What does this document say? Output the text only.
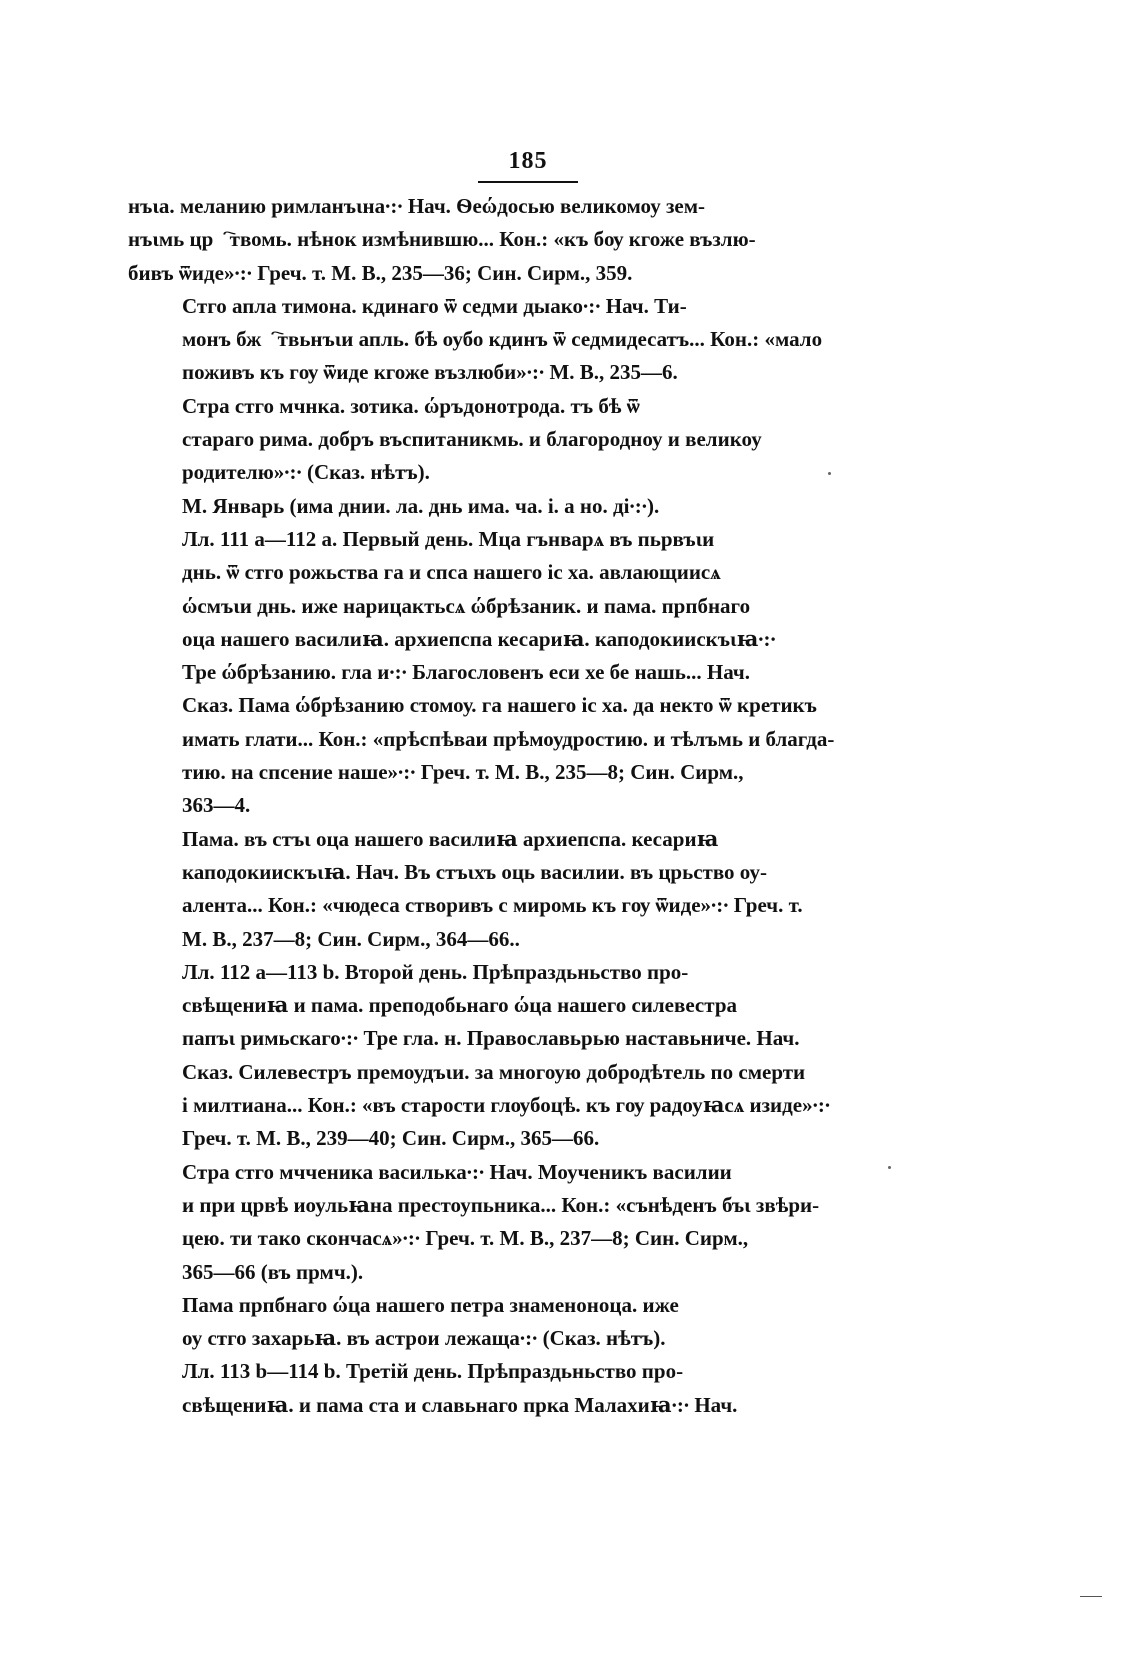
185

нъιа. меланию римланъιна∙:∙ Нач. Ѳеώдосью великомоу зем-
нъιмь црⷭ҇твомь. нѣнок измѣнившю... Кон.: «къ бѹ кгоже възлю-
бивъ ѿиде»∙:∙ Греч. т. М. В., 235—36; Син. Сирм., 359.

Стго апла тимона. кдинаго ѿ седми дыако∙:∙ Нач. Ти-
монъ бжⷭ҇твьнъιи апль. бѣ оубо кдинъ ѿ седмидесатъ... Кон.: «мало
поживъ къ гѹ ѿиде кгоже възлюби»∙:∙ М. В., 235—6.

Стра стго мчнка. зотика. ώръдонотрода. тъ бѣ ѿ
стараго рима. добръ въспитаникмь. и благородноу и великоу
родителю»∙:∙ (Сказ. нѣтъ).

М. Январь (има днии. ла. днь има. ча. і. а но. ді∙:∙).

Лл. 111 а—112 а. Первый день. Мца гънварѧ въ пьрвъιи
днь. ѿ стго рожьства га и спса нашего іс ха. авлающиисѧ
ώсмъιи днь. иже нарицактьсѧ ώбрѣзаник. и пама. прпбнаго
оца нашего василиꙗ. архиепспа кесариꙗ. каподокиискъιꙗ∙:∙
Тре ώбрѣзанию. гла и∙:∙ Благословенъ еси хе бе нашь... Нач.
Сказ. Пама ώбрѣзанию стомоу. га нашего іс ха. да некто ѿ кретикъ
имать глати... Кон.: «прѣспѣваи прѣмоудростию. и тѣлъмь и благда-
тию. на спсение наше»∙:∙ Греч. т. М. В., 235—8; Син. Сирм.,
363—4.

Пама. въ стъι оца нашего василиꙗ архиепспа. кесариꙗ
каподокиискъιꙗ. Нач. Въ стъιхъ оць василии. въ црьство оу-
алента... Кон.: «чюдеса створивъ с миромь къ гѹ ѿиде»∙:∙ Греч. т.
М. В., 237—8; Син. Сирм., 364—66..

Лл. 112 а—113 b. Второй день. Прѣпраздьньство про-
свѣщениꙗ и пама. преподобьнаго ώца нашего силевестра
папъι римьскаго∙:∙ Тре гла. н. Православьрью наставьниче. Нач.
Сказ. Силевестръ премоудъιи. за многоую добродѣтель по смерти
і милтиана... Кон.: «въ старости глѹбоцѣ. къ гѹ радоуꙗсѧ изиде»∙:∙
Греч. т. М. В., 239—40; Син. Сирм., 365—66.

Стра стго мчченика василька∙:∙ Нач. Моученикъ василии
и при црвѣ иоульꙗна престоупьника... Кон.: «сънѣденъ бъι звѣри-
цею. ти тако скончасѧ»∙:∙ Греч. т. М. В., 237—8; Син. Сирм.,
365—66 (въ прмч.).

Пама прпбнаго ώца нашего петра знаменоноца. иже
оу стго захарьꙗ. въ астрои лежаща∙:∙ (Сказ. нѣтъ).

Лл. 113 b—114 b. Третій день. Прѣпраздьньство про-
свѣщениꙗ. и пама ста и славьнаго прка Малахиꙗ∙:∙ Нач.
